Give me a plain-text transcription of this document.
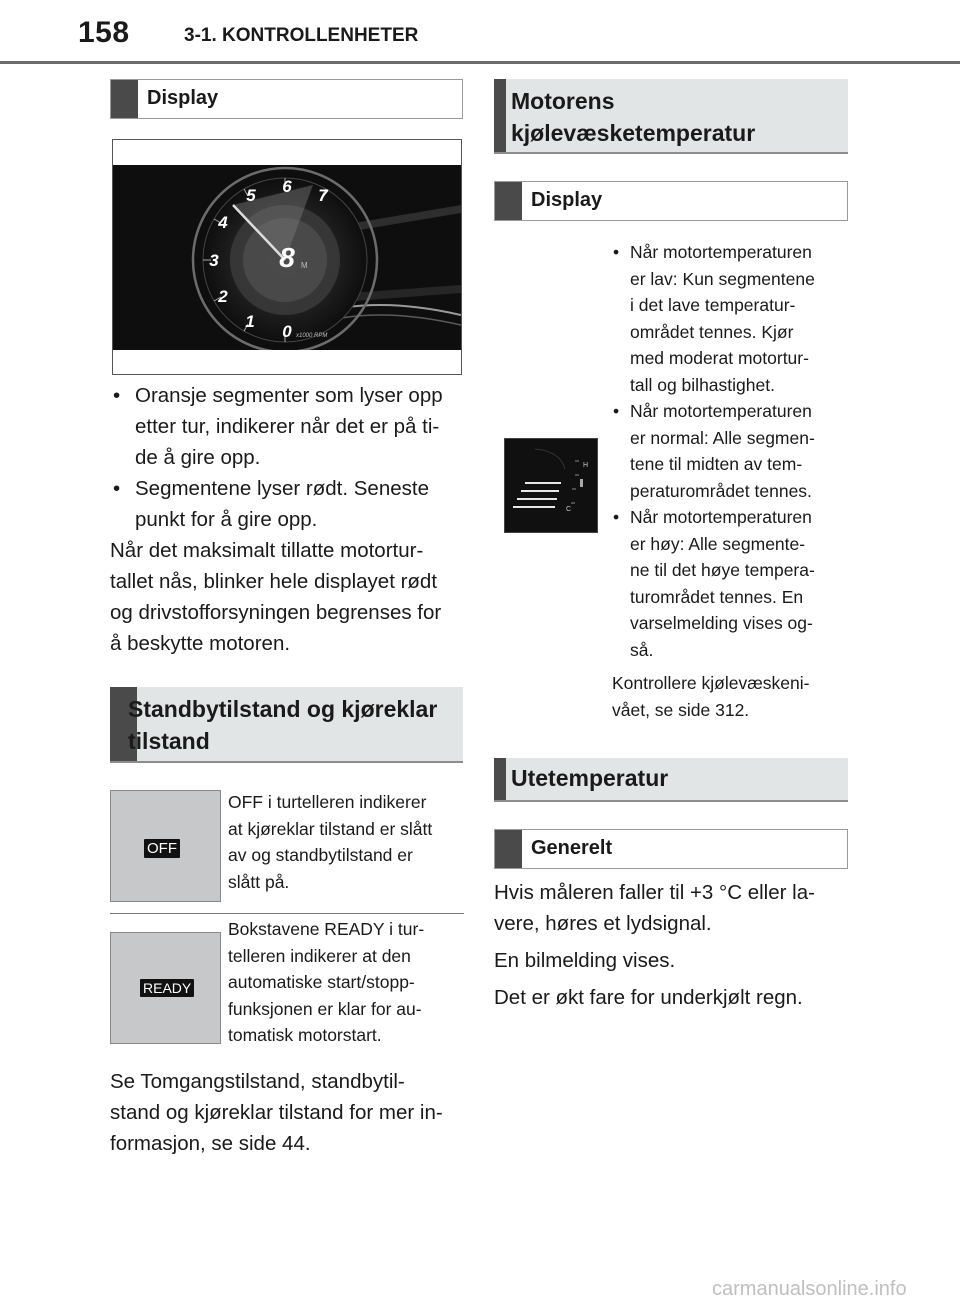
158	3-1. KONTROLLENHETER
Display
5 6 7
4
3
2
1
0
8 M
x1000 RPM
• Oransje segmenter som lyser opp
etter tur, indikerer når det er på ti-
de å gire opp.
• Segmentene lyser rødt. Seneste
punkt for å gire opp.
Når det maksimalt tillatte motortur-
tallet nås, blinker hele displayet rødt
og drivstofforsyningen begrenses for
å beskytte motoren.
Standbytilstand og kjøreklar
tilstand
OFF
OFF i turtelleren indikerer
at kjøreklar tilstand er slått
av og standbytilstand er
slått på.
READY
Bokstavene READY i tur-
telleren indikerer at den
automatiske start/stopp-
funksjonen er klar for au-
tomatisk motorstart.
Se Tomgangstilstand, standbytil-
stand og kjøreklar tilstand for mer in-
formasjon, se side 44.
Motorens
kjølevæsketemperatur
Display
H
C
• Når motortemperaturen
er lav: Kun segmentene
i det lave temperatur-
området tennes. Kjør
med moderat motortur-
tall og bilhastighet.
• Når motortemperaturen
er normal: Alle segmen-
tene til midten av tem-
peraturområdet tennes.
• Når motortemperaturen
er høy: Alle segmente-
ne til det høye tempera-
turområdet tennes. En
varselmelding vises og-
så.
Kontrollere kjølevæskeni-
vået, se side 312.
Utetemperatur
Generelt
Hvis måleren faller til +3 °C eller la-
vere, høres et lydsignal.
En bilmelding vises.
Det er økt fare for underkjølt regn.
carmanualsonline.info
